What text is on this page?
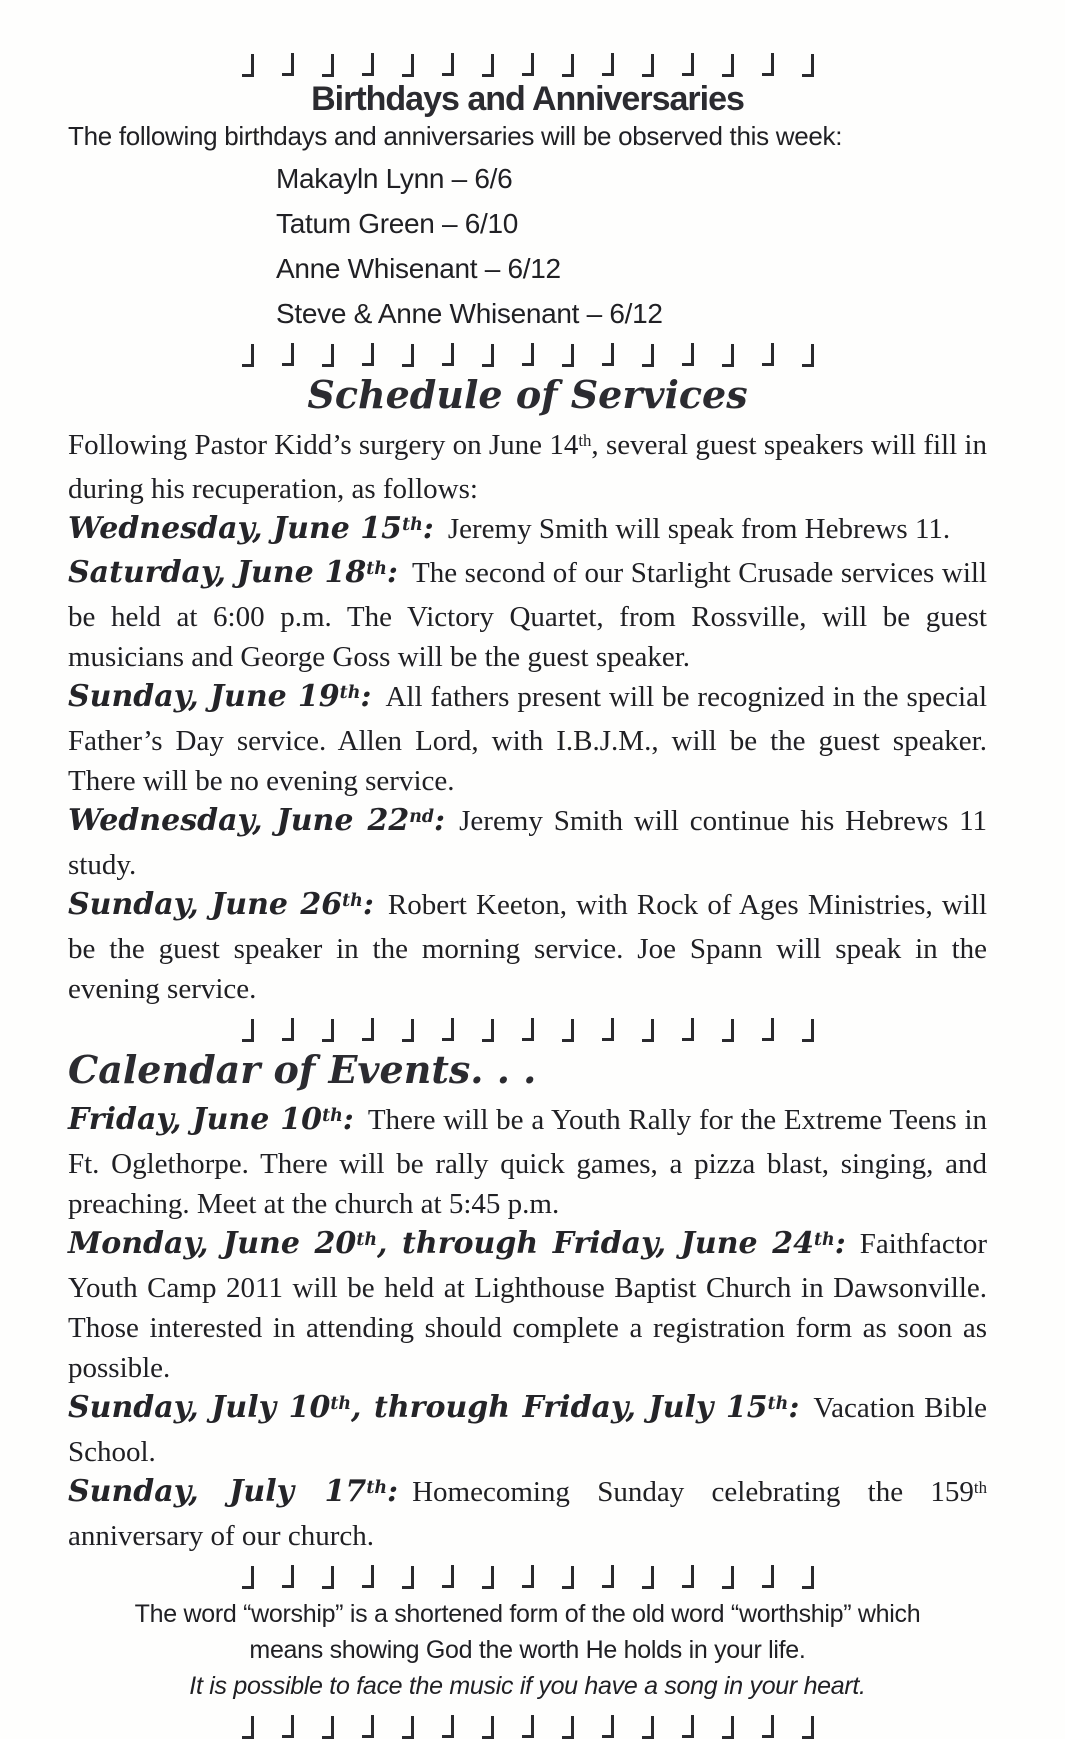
Birthdays and Anniversaries

The following birthdays and anniversaries will be observed this week:

Makayln Lynn – 6/6
Tatum Green – 6/10
Anne Whisenant – 6/12
Steve & Anne Whisenant – 6/12
Schedule of Services

Following Pastor Kidd’s surgery on June 14th, several guest speakers will fill in during his recuperation, as follows:

Wednesday, June 15th: Jeremy Smith will speak from Hebrews 11.

Saturday, June 18th: The second of our Starlight Crusade services will be held at 6:00 p.m. The Victory Quartet, from Rossville, will be guest musicians and George Goss will be the guest speaker.

Sunday, June 19th: All fathers present will be recognized in the special Father’s Day service. Allen Lord, with I.B.J.M., will be the guest speaker. There will be no evening service.

Wednesday, June 22nd: Jeremy Smith will continue his Hebrews 11 study.

Sunday, June 26th: Robert Keeton, with Rock of Ages Ministries, will be the guest speaker in the morning service. Joe Spann will speak in the evening service.

Calendar of Events. . .

Friday, June 10th: There will be a Youth Rally for the Extreme Teens in Ft. Oglethorpe. There will be rally quick games, a pizza blast, singing, and preaching. Meet at the church at 5:45 p.m.

Monday, June 20th, through Friday, June 24th: Faithfactor Youth Camp 2011 will be held at Lighthouse Baptist Church in Dawsonville. Those interested in attending should complete a registration form as soon as possible.

Sunday, July 10th, through Friday, July 15th: Vacation Bible School.

Sunday, July 17th: Homecoming Sunday celebrating the 159th anniversary of our church.

The word “worship” is a shortened form of the old word “worthship” which

means showing God the worth He holds in your life.

It is possible to face the music if you have a song in your heart.
